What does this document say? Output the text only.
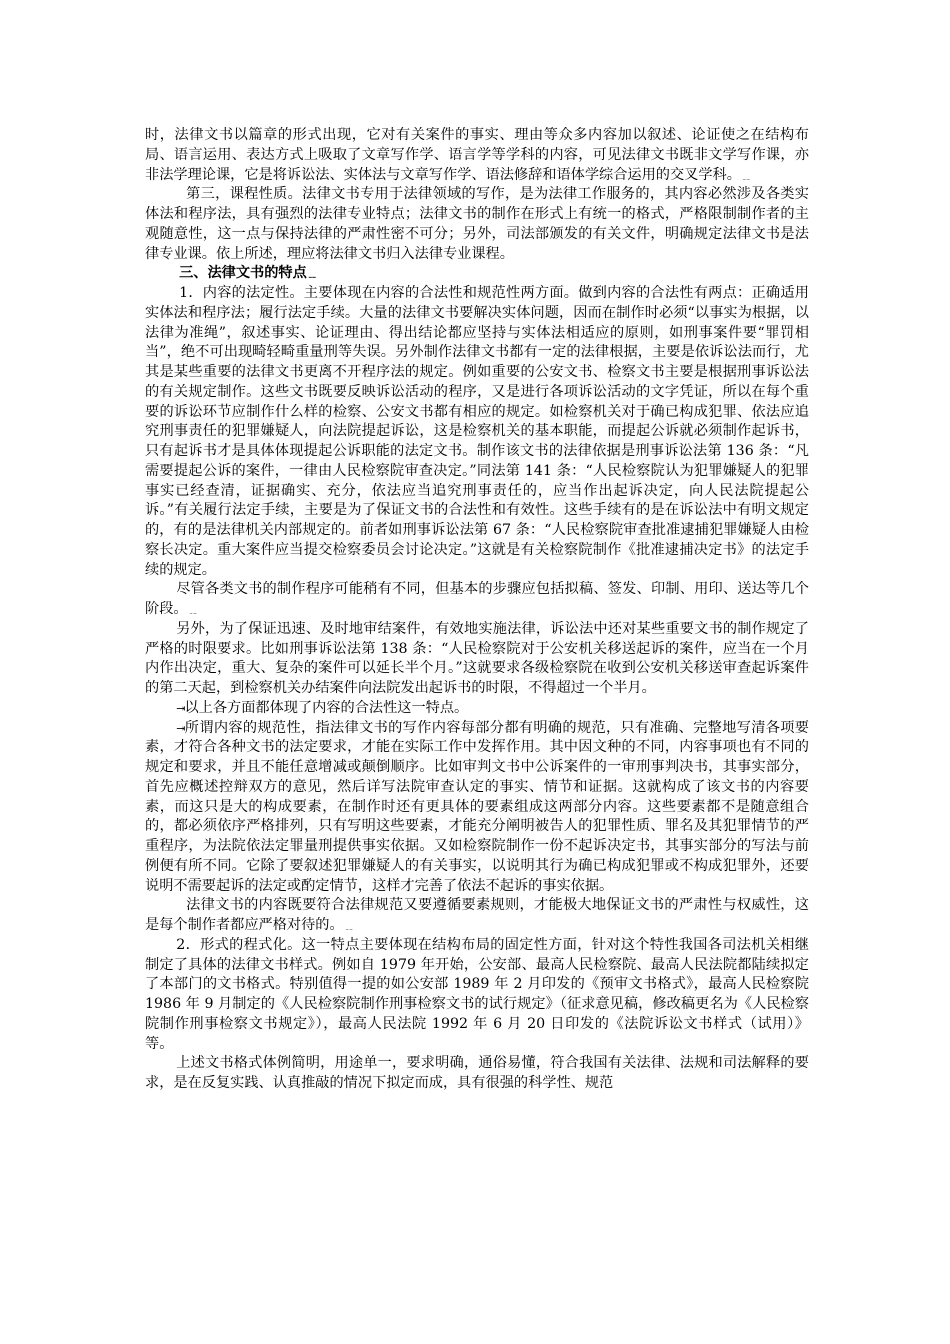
时，法律文书以篇章的形式出现，它对有关案件的事实、理由等众多内容加以叙述、论证使之在结构布局、语言运用、表达方式上吸取了文章写作学、语言学等学科的内容，可见法律文书既非文学写作课，亦非法学理论课，它是将诉讼法、实体法与文章写作学、语法修辞和语体学综合运用的交叉学科。﹎

第三，课程性质。法律文书专用于法律领域的写作，是为法律工作服务的，其内容必然涉及各类实体法和程序法，具有强烈的法律专业特点；法律文书的制作在形式上有统一的格式，严格限制制作者的主观随意性，这一点与保持法律的严肃性密不可分；另外，司法部颁发的有关文件，明确规定法律文书是法律专业课。依上所述，理应将法律文书归入法律专业课程。

三、法律文书的特点﹎

1．内容的法定性。主要体现在内容的合法性和规范性两方面。做到内容的合法性有两点：正确适用实体法和程序法；履行法定手续。大量的法律文书要解决实体问题，因而在制作时必须“以事实为根据，以法律为准绳”，叙述事实、论证理由、得出结论都应坚持与实体法相适应的原则，如刑事案件要“罪罚相当”，绝不可出现畸轻畸重量刑等失误。另外制作法律文书都有一定的法律根据，主要是依诉讼法而行，尤其是某些重要的法律文书更离不开程序法的规定。例如重要的公安文书、检察文书主要是根据刑事诉讼法的有关规定制作。这些文书既要反映诉讼活动的程序，又是进行各项诉讼活动的文字凭证，所以在每个重要的诉讼环节应制作什么样的检察、公安文书都有相应的规定。如检察机关对于确已构成犯罪、依法应追究刑事责任的犯罪嫌疑人，向法院提起诉讼，这是检察机关的基本职能，而提起公诉就必须制作起诉书，只有起诉书才是具体体现提起公诉职能的法定文书。制作该文书的法律依据是刑事诉讼法第 136 条：“凡需要提起公诉的案件，一律由人民检察院审查决定。”同法第 141 条：“人民检察院认为犯罪嫌疑人的犯罪事实已经查清，证据确实、充分，依法应当追究刑事责任的，应当作出起诉决定，向人民法院提起公诉。”有关履行法定手续，主要是为了保证文书的合法性和有效性。这些手续有的是在诉讼法中有明文规定的，有的是法律机关内部规定的。前者如刑事诉讼法第 67 条：“人民检察院审查批准逮捕犯罪嫌疑人由检察长决定。重大案件应当提交检察委员会讨论决定。”这就是有关检察院制作《批准逮捕决定书》的法定手续的规定。

尽管各类文书的制作程序可能稍有不同，但基本的步骤应包括拟稿、签发、印制、用印、送达等几个阶段。﹎

另外，为了保证迅速、及时地审结案件，有效地实施法律，诉讼法中还对某些重要文书的制作规定了严格的时限要求。比如刑事诉讼法第 138 条：“人民检察院对于公安机关移送起诉的案件，应当在一个月内作出决定，重大、复杂的案件可以延长半个月。”这就要求各级检察院在收到公安机关移送审查起诉案件的第二天起，到检察机关办结案件向法院发出起诉书的时限，不得超过一个半月。

⇥以上各方面都体现了内容的合法性这一特点。

⇥所谓内容的规范性，指法律文书的写作内容每部分都有明确的规范，只有准确、完整地写清各项要素，才符合各种文书的法定要求，才能在实际工作中发挥作用。其中因文种的不同，内容事项也有不同的规定和要求，并且不能任意增减或颠倒顺序。比如审判文书中公诉案件的一审刑事判决书，其事实部分，首先应概述控辩双方的意见，然后详写法院审查认定的事实、情节和证据。这就构成了该文书的内容要素，而这只是大的构成要素，在制作时还有更具体的要素组成这两部分内容。这些要素都不是随意组合的，都必须依序严格排列，只有写明这些要素，才能充分阐明被告人的犯罪性质、罪名及其犯罪情节的严重程序，为法院依法定罪量刑提供事实依据。又如检察院制作一份不起诉决定书，其事实部分的写法与前例便有所不同。它除了要叙述犯罪嫌疑人的有关事实，以说明其行为确已构成犯罪或不构成犯罪外，还要说明不需要起诉的法定或酌定情节，这样才完善了依法不起诉的事实依据。

法律文书的内容既要符合法律规范又要遵循要素规则，才能极大地保证文书的严肃性与权威性，这是每个制作者都应严格对待的。﹎

2．形式的程式化。这一特点主要体现在结构布局的固定性方面，针对这个特性我国各司法机关相继制定了具体的法律文书样式。例如自 1979 年开始，公安部、最高人民检察院、最高人民法院都陆续拟定了本部门的文书格式。特别值得一提的如公安部 1989 年 2 月印发的《预审文书格式》，最高人民检察院 1986 年 9 月制定的《人民检察院制作刑事检察文书的试行规定》（征求意见稿，修改稿更名为《人民检察院制作刑事检察文书规定》），最高人民法院 1992 年 6 月 20 日印发的《法院诉讼文书样式（试用）》等。

上述文书格式体例简明，用途单一，要求明确，通俗易懂，符合我国有关法律、法规和司法解释的要求，是在反复实践、认真推敲的情况下拟定而成，具有很强的科学性、规范
